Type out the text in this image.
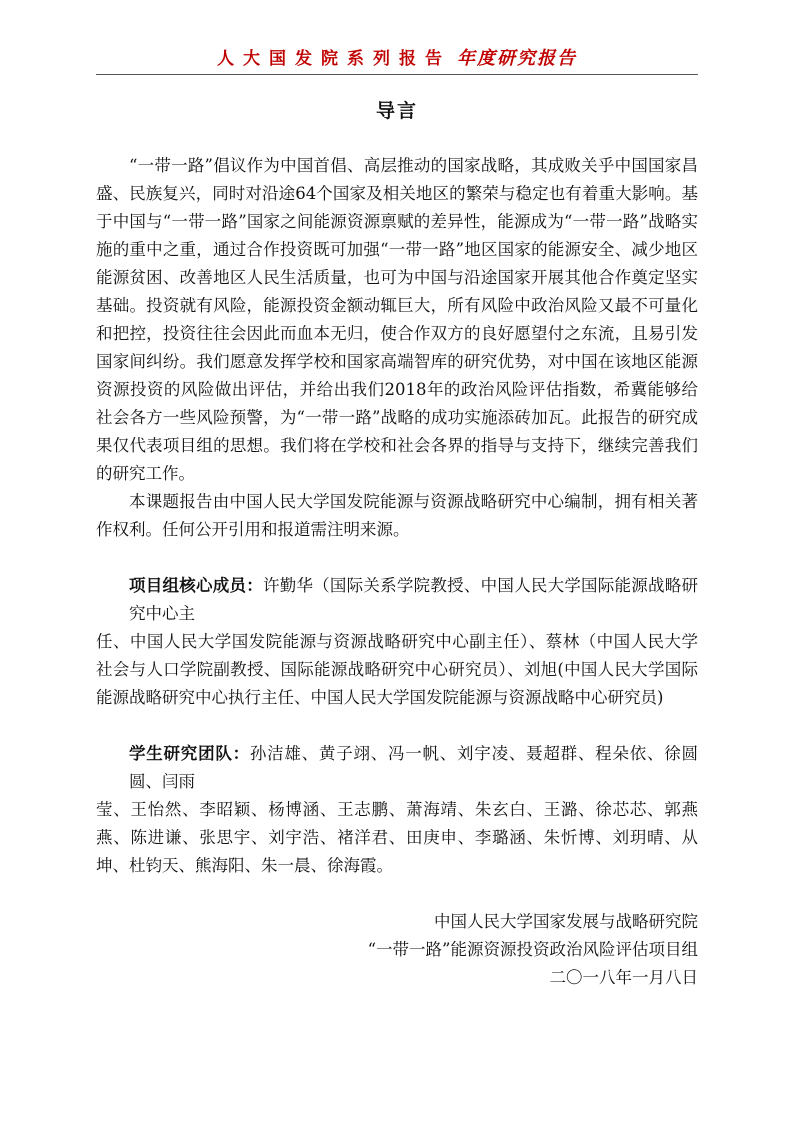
人大国发院系列报告 年度研究报告
导言

“一带一路”倡议作为中国首倡、高层推动的国家战略，其成败关乎中国国家昌盛、民族复兴，同时对沿途64个国家及相关地区的繁荣与稳定也有着重大影响。基于中国与“一带一路”国家之间能源资源禀赋的差异性，能源成为“一带一路”战略实施的重中之重，通过合作投资既可加强“一带一路”地区国家的能源安全、减少地区能源贫困、改善地区人民生活质量，也可为中国与沿途国家开展其他合作奠定坚实基础。投资就有风险，能源投资金额动辄巨大，所有风险中政治风险又最不可量化和把控，投资往往会因此而血本无归，使合作双方的良好愿望付之东流，且易引发国家间纠纷。我们愿意发挥学校和国家高端智库的研究优势，对中国在该地区能源资源投资的风险做出评估，并给出我们2018年的政治风险评估指数，希冀能够给社会各方一些风险预警，为“一带一路”战略的成功实施添砖加瓦。此报告的研究成果仅代表项目组的思想。我们将在学校和社会各界的指导与支持下，继续完善我们的研究工作。

本课题报告由中国人民大学国发院能源与资源战略研究中心编制，拥有相关著作权利。任何公开引用和报道需注明来源。

项目组核心成员：许勤华（国际关系学院教授、中国人民大学国际能源战略研究中心主

任、中国人民大学国发院能源与资源战略研究中心副主任）、蔡林（中国人民大学社会与人口学院副教授、国际能源战略研究中心研究员）、刘旭(中国人民大学国际能源战略研究中心执行主任、中国人民大学国发院能源与资源战略中心研究员)

学生研究团队：孙洁雄、黄子翊、冯一帆、刘宇凌、聂超群、程朵依、徐圆圆、闫雨

莹、王怡然、李昭颖、杨博涵、王志鹏、萧海靖、朱玄白、王潞、徐芯芯、郭燕燕、陈进谦、张思宇、刘宇浩、褚洋君、田庚申、李璐涵、朱忻博、刘玥晴、从坤、杜钧天、熊海阳、朱一晨、徐海霞。

中国人民大学国家发展与战略研究院

“一带一路”能源资源投资政治风险评估项目组

二〇一八年一月八日
